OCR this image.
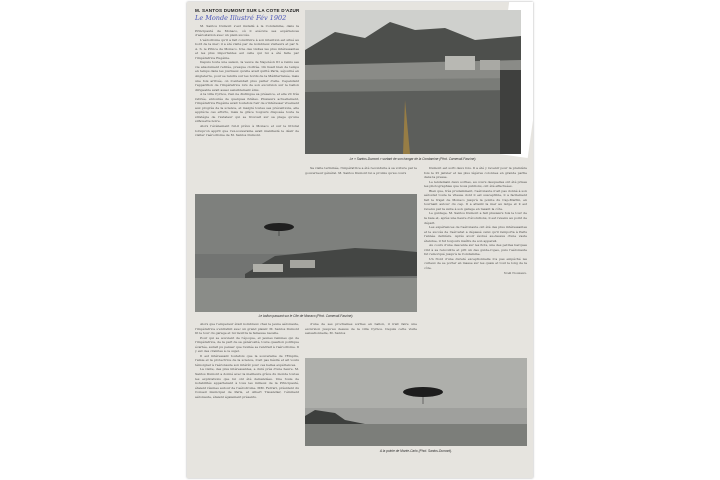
M. SANTOS DUMONT SUR LA COTE D'AZUR
Le Monde Illustré Fév 1902

M. Santos Dumont s'est installé à la Condamine, dans la Principauté de Monaco, où il exécute ses expériences d'aérostation avec un plein succès.

L'aérodrome qu'il a fait construire à son intention est situé au bord de la mer; il a été visité par de nombreux visiteurs et par S. A. S. le Prince de Monaco. Une des visites les plus intéressantes et les plus importantes est celle qui lui a été faite par l'impératrice Eugénie.

Depuis toute une saison, la veuve de Napoléon III a remis ses vie absolument retirée, presque cloitrée. On lisait bien de temps en temps dans les journaux qu'elle avait quitté Paris, séjourné en Angleterre, pour se rendre sur les bords de la Méditerranée, mais une fois arrivée, on n'entendait plus parler d'elle. Cependant l'apparition de l'impératrice lors de son excursion sur le ballon dirigeable avait assez sensiblement ému.

A la villa Cyrnos, rien ne distingue sa présence, et elle vit très retirée, entourée de quelques fidèles. Plusieurs actuellement, l'impératrice Eugénie avait toutefois l'air de s'intéresser vivement aux progrès de la science, et malgré toutes ses préventions, elle apprécie ces efforts, mais la grâce toujours disposée toute la stratégie de l'aviateur qui se trouvait sur sa plage qu'une silhouette noire.

Alors l'événement fut-il prévu à Monaco et sur le littoral lorsqu'on apprit que l'ex-souveraine avait manifesté le désir de visiter l'aérodrome de M. Santos Dumont.

Le « Santos-Dumont » sortant de son hangar de la Condamine (Phot. Carnevali-Fascine).

Sa visite terminée, l'impératrice a été reconduite à sa voiture par le gouverneur général. M. Santos Dumont lui a promis qu'au cours

Dumont est sorti deux fois. Il a été y revenir pour la première fois le 25 janvier et les plus légères colonnes en grande partie dans la presse.

Le lendemain deux sorties, au cours desquelles ont été prises les photographies que nous publions, ont été effectuées.

Bien que, très prudemment, l'aéronaute n'ait pas donné à son aérostat toute la vitesse dont il est susceptible, il a facilement fait le trajet de Monaco jusqu'à la pointe du Cap-Martin, en tournant autour du cap. Il a atteint la mer au large et il est revenu par la suite à son garage en rasant la côte.

Le guidage, M. Santos Dumont a fait plusieurs fois le tour de la baie et, après une heure d'évolutions, il est revenu au point de départ.

Les expériences de l'aéronaute ont été des plus intéressantes et le succès de l'aérostat a dépassé celui qu'il remporta à Paris l'année dernière. Après avoir évolué au-dessus d'une vaste étendue, il fut toujours maître de son appareil.

Au cours d'une descente sur les flots, une des petites barques vint à sa rencontre et prit un des guide-ropes, puis l'aéronaute fut remorqué jusqu'à la Condamine.

Un froid d'une dureté exceptionnelle n'a pas empêché les curieux de se porter en masse sur les quais et tout le long de la côte.

Noël Nouzeux.
Le ballon passant sur le Cite de Monaco (Phot. Carnevali-Fascine).

Alors que l'empereur était nombreux chez le jeune aéronaute, l'impératrice s'entretint avec un grand plaisir. M. Santos Dumont fit le tour du garage et lui montra la fameuse nacelle.

Pour qui se souvient de l'époque, et jeunes femmes qui de l'impératrice, de la part de sa générosité, toute question politique écartée, aurait pu penser que l'exilée se rendrait à l'aérodrome. Il y eut des craintes à ce sujet.

Il est intéressant toutefois que la souveraine de l'Empire, l'amie et la protectrice de la science, n'ait pas hésité et ait voulu témoigner à l'aéronaute son intérêt pour ces belles expériences.

La visite, des plus intéressantes, a duré près d'une heure. M. Santos Dumont a donné avec la meilleure grâce du monde toutes les explications que lui ont été demandées. Une foule de notabilités appartenant à tous les milieux de la Principauté, étaient réunies autour de l'aérodrome. MM. Ferrari, président du Conseil municipal de Paris, et Albert Tissandier, l'éminent aéronaute, étaient également présents.

d'une de ses prochaines sorties en ballon, il irait faire une excursion jusqu'au dessus de la villa Cyrnos. Depuis cette visite sensationnelle, M. Santos

A la pointe de Monte-Carlo (Phot. Santos-Dumont).
